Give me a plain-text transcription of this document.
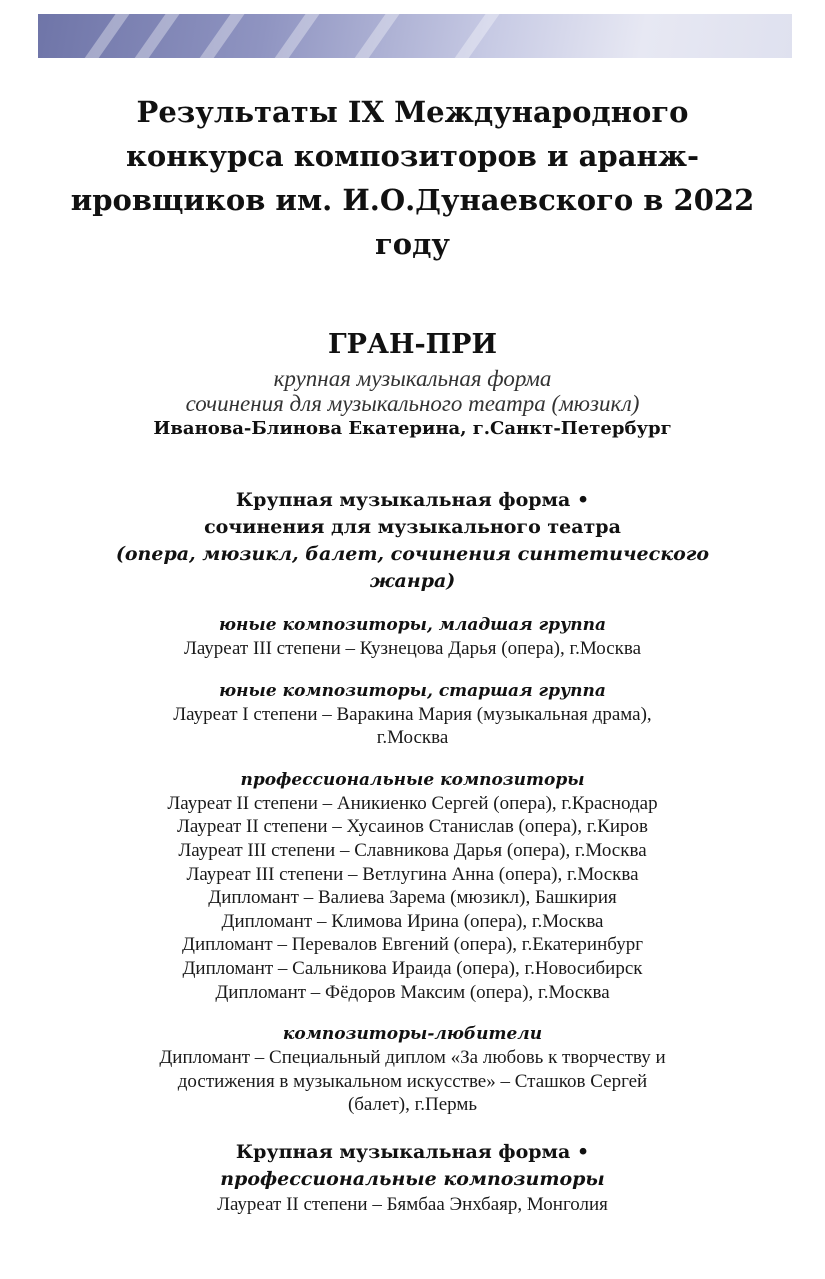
Результаты IX Международного
конкурса композиторов и аранж-
ировщиков им. И.О.Дунаевского в 2022
году
ГРАН-ПРИ
крупная музыкальная форма
сочинения для музыкального театра (мюзикл)
Иванова-Блинова Екатерина, г.Санкт-Петербург
Крупная музыкальная форма •
сочинения для музыкального театра
(опера, мюзикл, балет, сочинения синтетического
жанра)
юные композиторы, младшая группа
Лауреат III степени – Кузнецова Дарья (опера), г.Москва
юные композиторы, старшая группа
Лауреат I степени – Варакина Мария (музыкальная драма),
г.Москва
профессиональные композиторы
Лауреат II степени – Аникиенко Сергей (опера), г.Краснодар
Лауреат II степени – Хусаинов Станислав (опера), г.Киров
Лауреат III степени – Славникова Дарья (опера), г.Москва
Лауреат III степени – Ветлугина Анна (опера), г.Москва
Дипломант – Валиева Зарема (мюзикл), Башкирия
Дипломант – Климова Ирина (опера), г.Москва
Дипломант – Перевалов Евгений (опера), г.Екатеринбург
Дипломант – Сальникова Ираида (опера), г.Новосибирск
Дипломант – Фёдоров Максим (опера), г.Москва
композиторы-любители
Дипломант – Специальный диплом «За любовь к творчеству и
достижения в музыкальном искусстве» – Сташков Сергей
(балет), г.Пермь
Крупная музыкальная форма •
профессиональные композиторы
Лауреат II степени – Бямбаа Энхбаяр, Монголия
